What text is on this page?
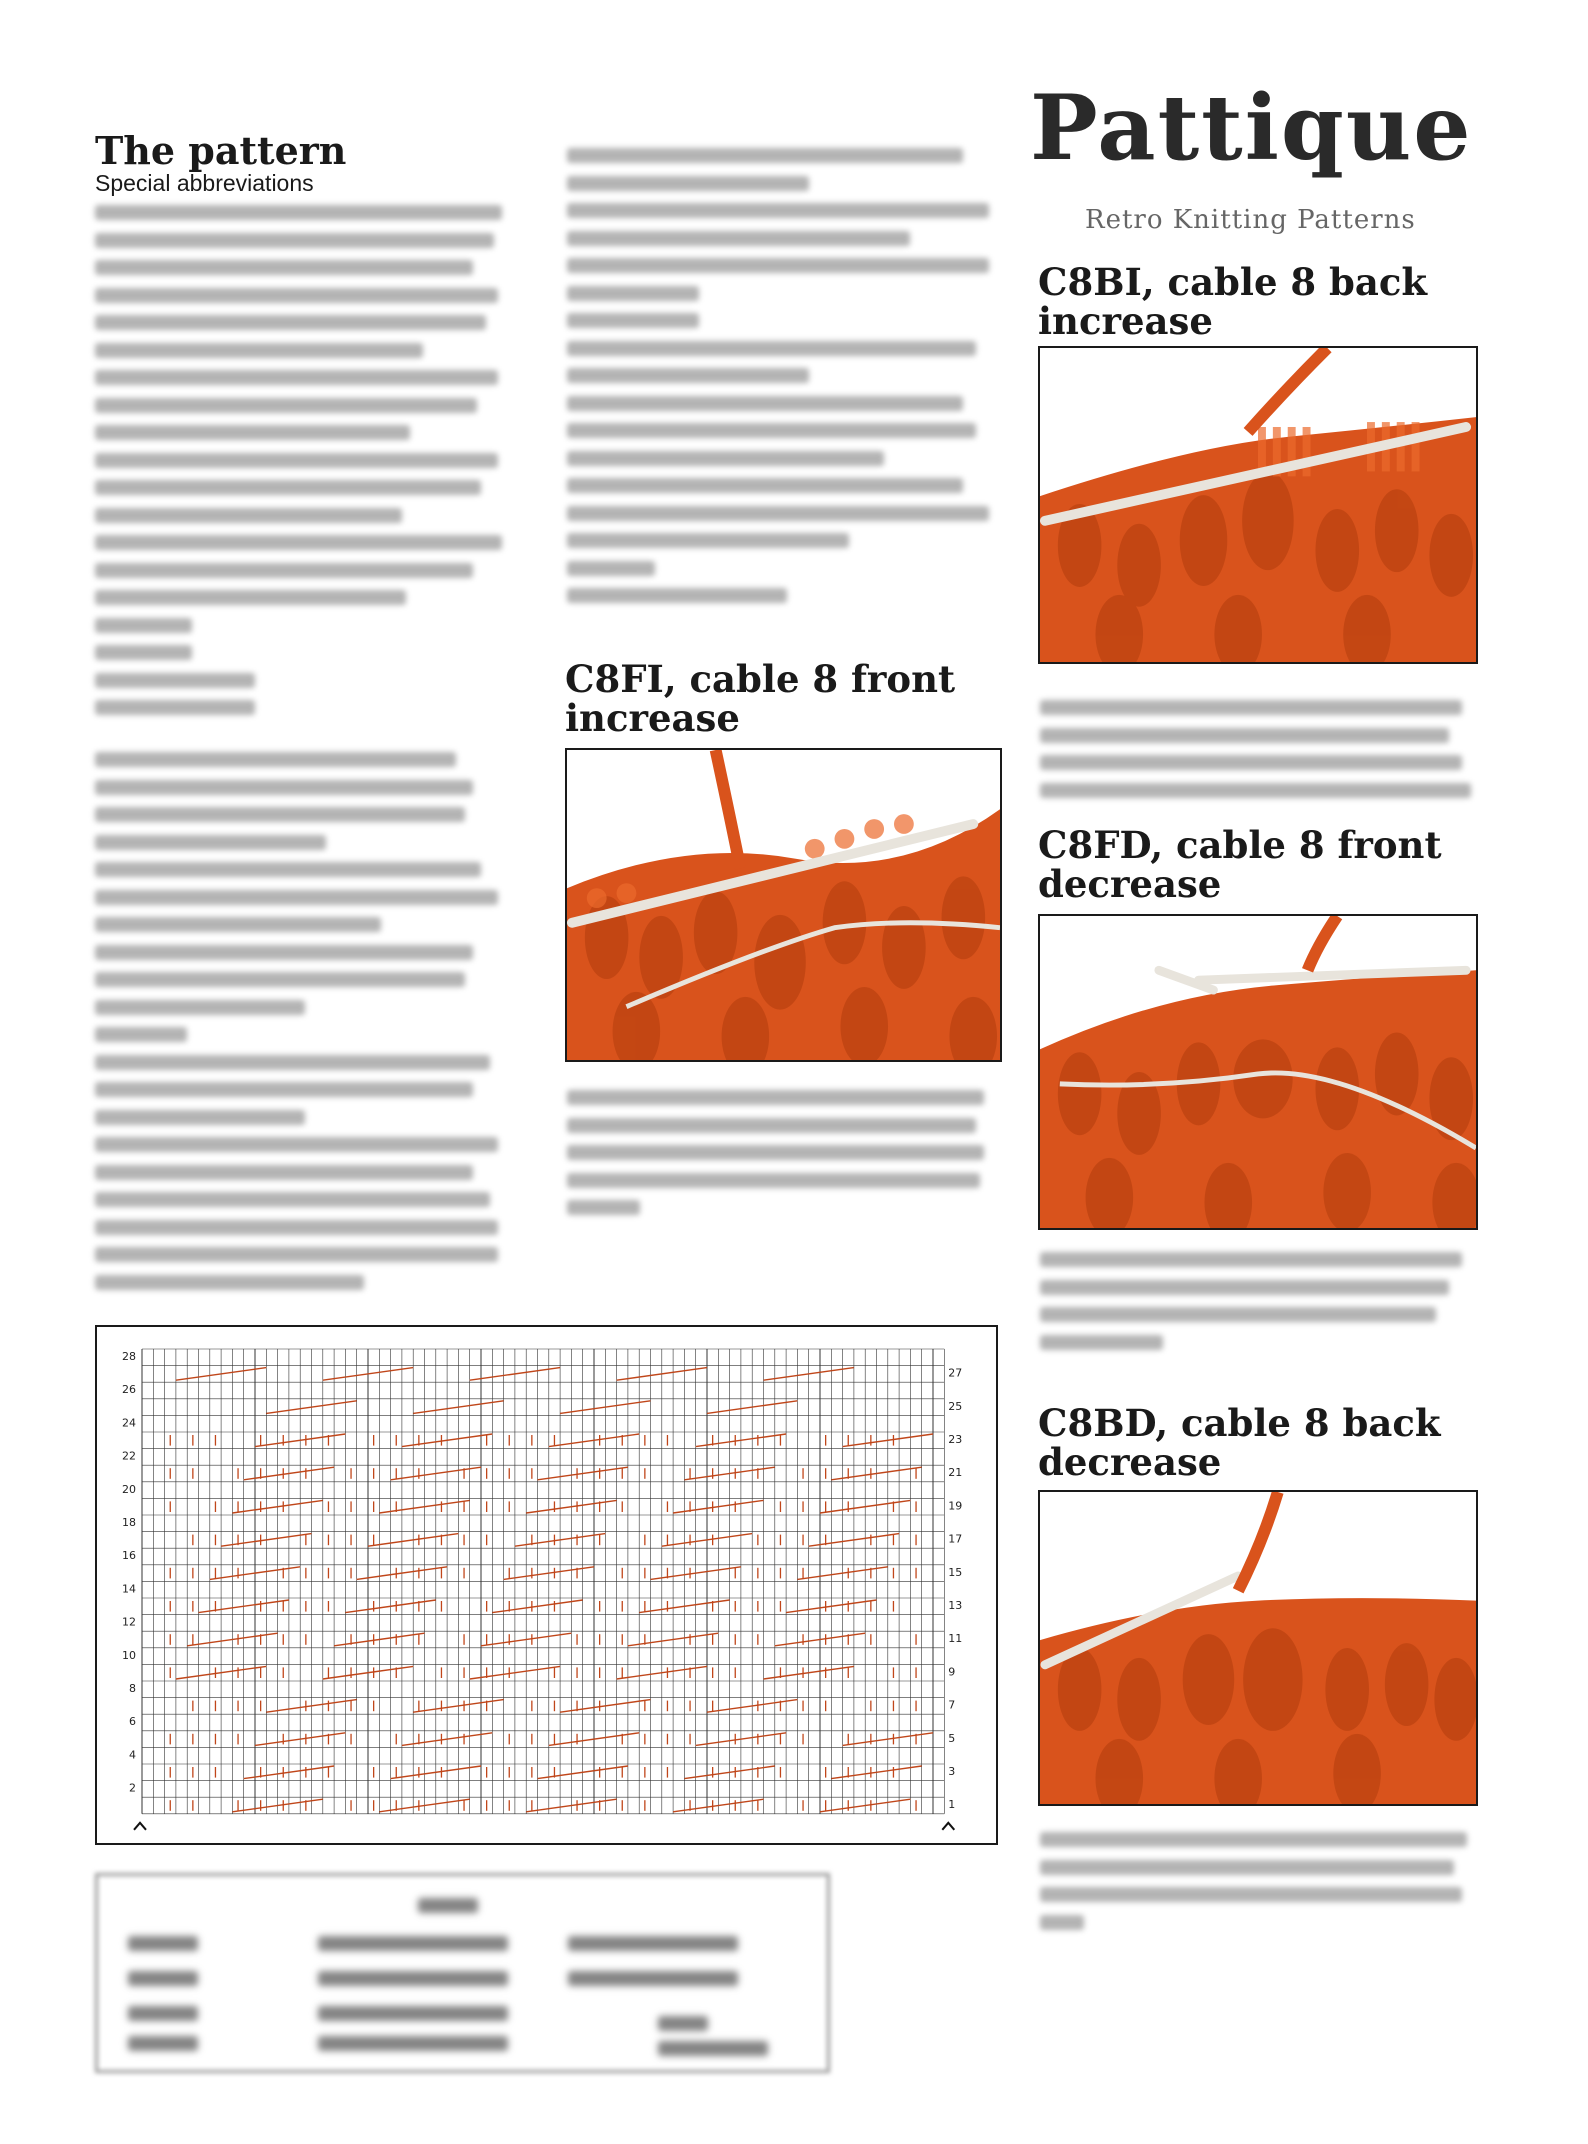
The pattern
Special abbreviations
C8FI, cable 8 front
increase
Pattique
Retro Knitting Patterns
C8BI, cable 8 back
increase
C8FD, cable 8 front
decrease
C8BD, cable 8 back
decrease
28
26
24
22
20
18
16
14
12
10
8
6
4
2
27
25
23
21
19
17
15
13
11
9
7
5
3
1
